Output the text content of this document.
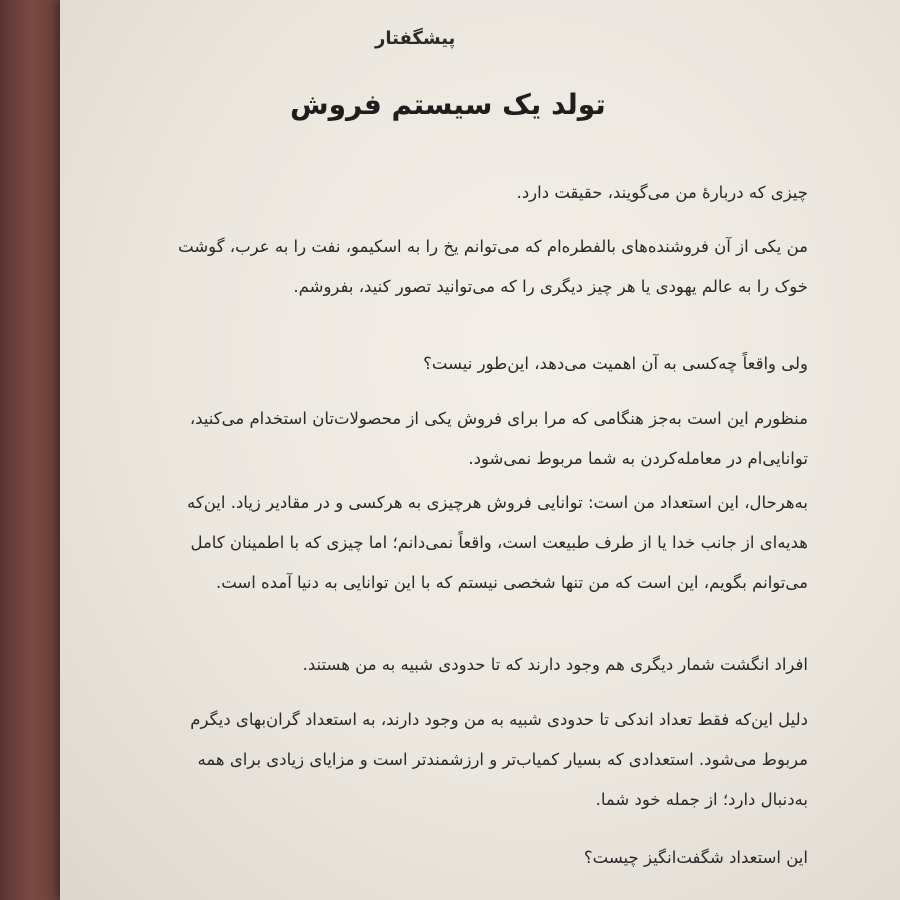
پیشگفتار
تولد یک سیستم فروش
چیزی که دربارهٔ من می‌گویند، حقیقت دارد.
من یکی از آن فروشنده‌های بالفطره‌ام که می‌توانم یخ را به اسکیمو، نفت را به عرب، گوشت خوک را به عالم یهودی یا هر چیز دیگری را که می‌توانید تصور کنید، بفروشم.
ولی واقعاً چه‌کسی به آن اهمیت می‌دهد، این‌طور نیست؟
منظورم این است به‌جز هنگامی که مرا برای فروش یکی از محصولات‌تان استخدام می‌کنید، توانایی‌ام در معامله‌کردن به شما مربوط نمی‌شود.
به‌هرحال، این استعداد من است: توانایی فروش هرچیزی به هرکسی و در مقادیر زیاد. این‌که هدیه‌ای از جانب خدا یا از طرف طبیعت است، واقعاً نمی‌دانم؛ اما چیزی که با اطمینان کامل می‌توانم بگویم، این است که من تنها شخصی نیستم که با این توانایی به دنیا آمده است.
افراد انگشت شمار دیگری هم وجود دارند که تا حدودی شبیه به من هستند.
دلیل این‌که فقط تعداد اندکی تا حدودی شبیه به من وجود دارند، به استعداد گران‌بهای دیگرم مربوط می‌شود. استعدادی که بسیار کمیاب‌تر و ارزشمندتر است و مزایای زیادی برای همه به‌دنبال دارد؛ از جمله خود شما.
این استعداد شگفت‌انگیز چیست؟
